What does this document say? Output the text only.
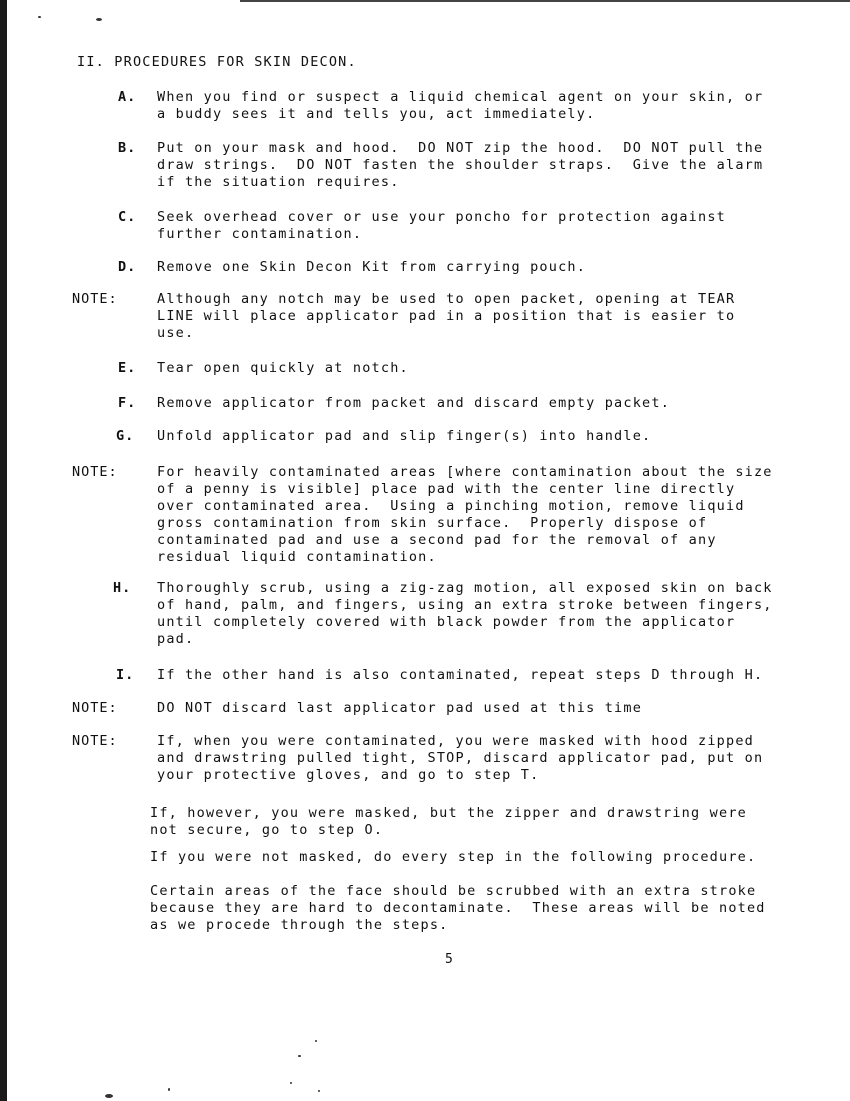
II. PROCEDURES FOR SKIN DECON.
A. When you find or suspect a liquid chemical agent on your skin, or
a buddy sees it and tells you, act immediately.
B. Put on your mask and hood.  DO NOT zip the hood.  DO NOT pull the
draw strings.  DO NOT fasten the shoulder straps.  Give the alarm
if the situation requires.
C. Seek overhead cover or use your poncho for protection against
further contamination.
D. Remove one Skin Decon Kit from carrying pouch.
NOTE:	Although any notch may be used to open packet, opening at TEAR
LINE will place applicator pad in a position that is easier to
use.
E. Tear open quickly at notch.
F. Remove applicator from packet and discard empty packet.
G. Unfold applicator pad and slip finger(s) into handle.
NOTE:	For heavily contaminated areas [where contamination about the size
of a penny is visible] place pad with the center line directly
over contaminated area.  Using a pinching motion, remove liquid
gross contamination from skin surface.  Properly dispose of
contaminated pad and use a second pad for the removal of any
residual liquid contamination.
H. Thoroughly scrub, using a zig-zag motion, all exposed skin on back
of hand, palm, and fingers, using an extra stroke between fingers,
until completely covered with black powder from the applicator
pad.
I. If the other hand is also contaminated, repeat steps D through H.
NOTE:	DO NOT discard last applicator pad used at this time
NOTE:	If, when you were contaminated, you were masked with hood zipped
and drawstring pulled tight, STOP, discard applicator pad, put on
your protective gloves, and go to step T.
If, however, you were masked, but the zipper and drawstring were
not secure, go to step O.
If you were not masked, do every step in the following procedure.
Certain areas of the face should be scrubbed with an extra stroke
because they are hard to decontaminate.  These areas will be noted
as we procede through the steps.
5
